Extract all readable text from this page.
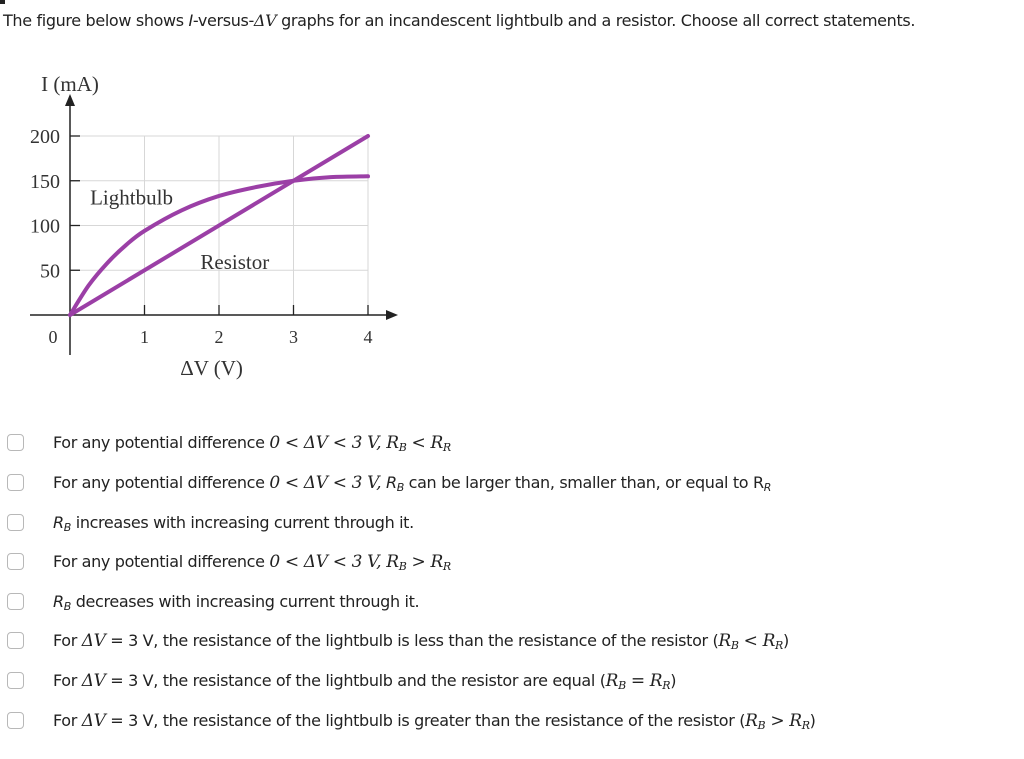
The figure below shows I-versus-ΔV graphs for an incandescent lightbulb and a resistor. Choose all correct statements.
50
100
150
200
0	1	2	3	4
I (mA)
ΔV (V)
Lightbulb
Resistor
For any potential difference 0 < ΔV < 3 V, $R_B < R_R$
For any potential difference 0 < ΔV < 3 V, $R_B$ can be larger than, smaller than, or equal to $R_R$
$R_B$ increases with increasing current through it.
For any potential difference 0 < ΔV < 3 V, $R_B > R_R$
$R_B$ decreases with increasing current through it.
For ΔV = 3 V, the resistance of the lightbulb is less than the resistance of the resistor $(R_B < R_R)$
For ΔV = 3 V, the resistance of the lightbulb and the resistor are equal $(R_B = R_R)$
For ΔV = 3 V, the resistance of the lightbulb is greater than the resistance of the resistor $(R_B > R_R)$
